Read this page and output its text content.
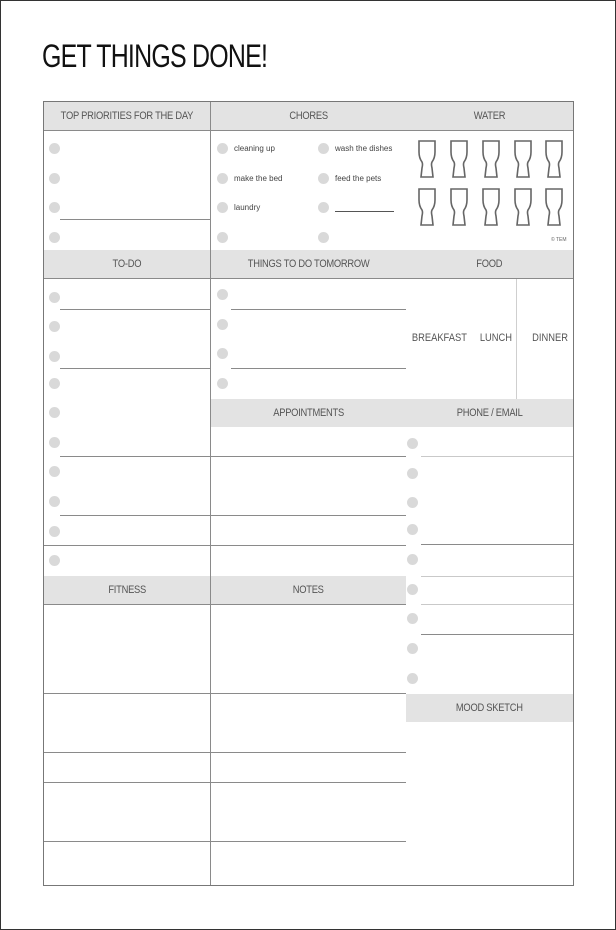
GET THINGS DONE!
TOP PRIORITIES FOR THE DAY	CHORES	WATER
TO-DO	THINGS TO DO TOMORROW	FOOD
APPOINTMENTS	PHONE / EMAIL
FITNESS	NOTES
MOOD SKETCH
cleaning up
make the bed
laundry
wash the dishes
feed the pets
© TEM
BREAKFAST LUNCH DINNER
